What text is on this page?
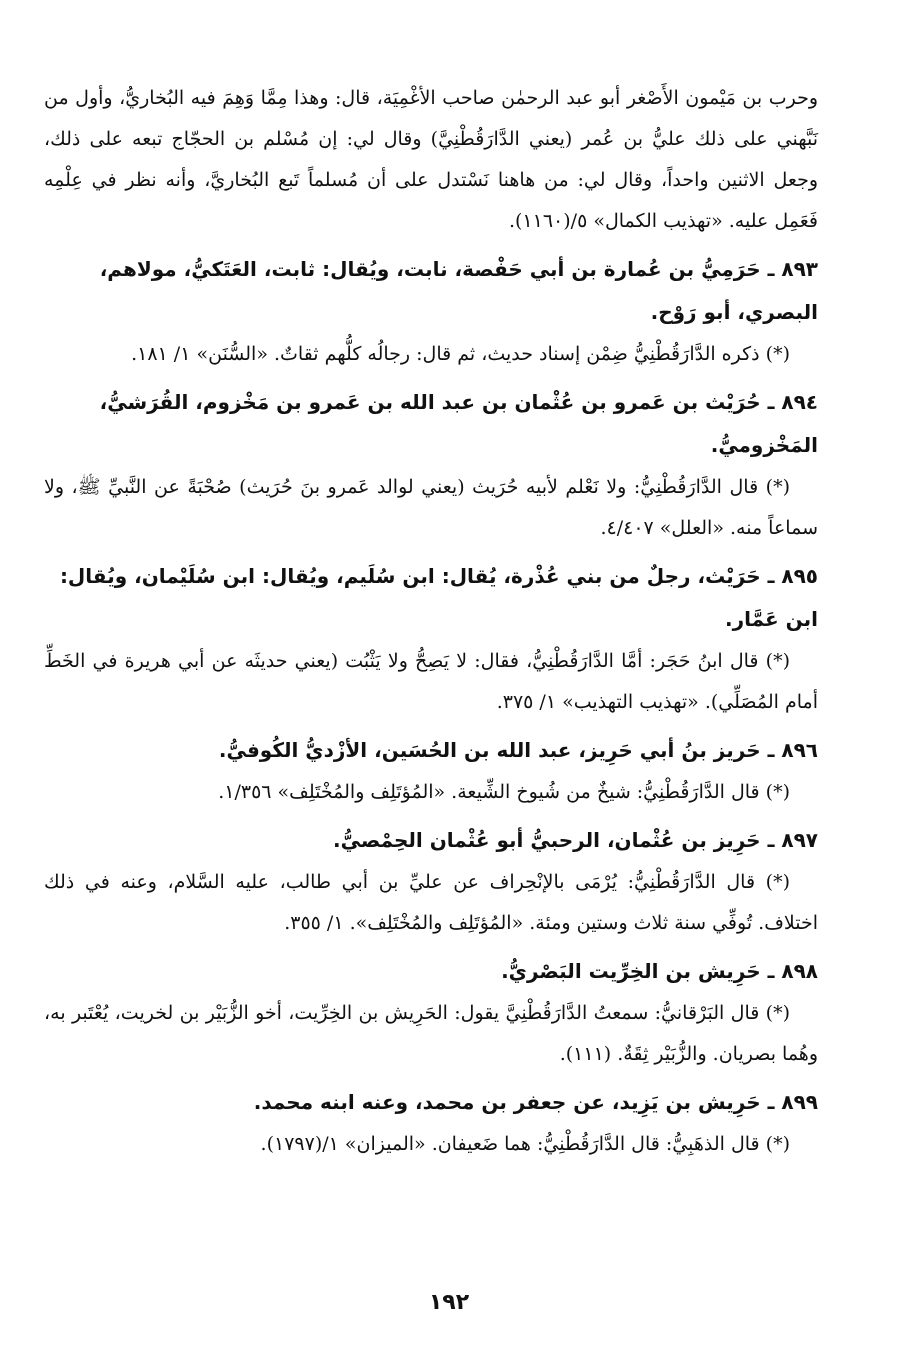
وحرب بن مَيْمون الأَصْغر أبو عبد الرحمٰن صاحب الأغْمِيَة، قال: وهذا مِمَّا وَهِمَ فيه البُخاريُّ، وأول من نَبَّهني على ذلك عليُّ بن عُمر (يعني الدَّارَقُطْنِيَّ) وقال لي: إن مُسْلم بن الحجّاج تبعه على ذلك، وجعل الاثنين واحداً، وقال لي: من هاهنا نَسْتدل على أن مُسلماً تَبع البُخاريَّ، وأنه نظر في عِلْمِه فَعَمِل عليه. «تهذيب الكمال» ٥/(١١٦٠).

٨٩٣ ـ حَرَمِيُّ بن عُمارة بن أبي حَفْصة، نابت، ويُقال: ثابت، العَتَكيُّ، مولاهم، البصري، أبو رَوْح.

(*) ذكره الدَّارَقُطْنِيُّ ضِمْن إسناد حديث، ثم قال: رجالُه كلُّهم ثقاتٌ. «السُّنَن» ١/ ١٨١.

٨٩٤ ـ حُرَيْث بن عَمرو بن عُثْمان بن عبد الله بن عَمرو بن مَخْزوم، القُرَشيُّ، المَخْزوميُّ.

(*) قال الدَّارَقُطْنِيُّ: ولا نَعْلم لأبيه حُرَيث (يعني لوالد عَمرو بنَ حُرَيث) صُحْبَةً عن النَّبيِّ ﷺ، ولا سماعاً منه. «العلل» ٤/٤٠٧.

٨٩٥ ـ حَرَيْث، رجلٌ من بني عُذْرة، يُقال: ابن سُلَيم، ويُقال: ابن سُلَيْمان، ويُقال: ابن عَمَّار.

(*) قال ابنُ حَجَر: أمَّا الدَّارَقُطْنِيُّ، فقال: لا يَصِحُّ ولا يَثْبُت (يعني حديثَه عن أبي هريرة في الخَطِّ أمام المُصَلِّي). «تهذيب التهذيب» ١/ ٣٧٥.

٨٩٦ ـ حَريز بنُ أبي حَرِيز، عبد الله بن الحُسَين، الأزْديُّ الكُوفيُّ.

(*) قال الدَّارَقُطْنِيُّ: شيخٌ من شُيوخ الشِّيعة. «المُؤتَلِف والمُخْتَلِف» ١/٣٥٦.

٨٩٧ ـ حَرِيز بن عُثْمان، الرحبيُّ أبو عُثْمان الحِمْصيُّ.

(*) قال الدَّارَقُطْنِيُّ: يُرْمَى بالإنْحِراف عن عليِّ بن أبي طالب، عليه السَّلام، وعنه في ذلك اختلاف. تُوفِّي سنة ثلاث وستين ومئة. «المُؤتَلِف والمُخْتَلِف». ١/ ٣٥٥.

٨٩٨ ـ حَرِيش بن الخِرِّيت البَصْريُّ.

(*) قال البَرْقانيُّ: سمعتُ الدَّارَقُطْنِيَّ يقول: الحَرِيش بن الخِرِّيت، أخو الزُّبَيْر بن لخريت، يُعْتَبر به، وهُما بصريان. والزُّبَيْر ثِقَةٌ. (١١١).

٨٩٩ ـ حَرِيش بن يَزِيد، عن جعفر بن محمد، وعنه ابنه محمد.

(*) قال الذهَبِيُّ: قال الدَّارَقُطْنِيُّ: هما ضَعيفان. «الميزان» ١/(١٧٩٧).

١٩٢
